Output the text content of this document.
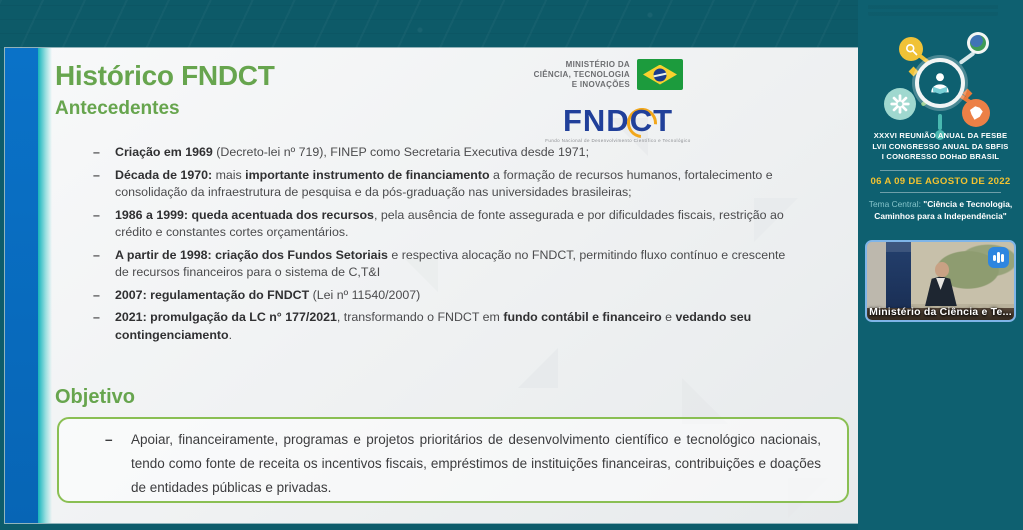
Histórico FNDCT
Antecedentes
MINISTÉRIO DA
CIÊNCIA, TECNOLOGIA
E INOVAÇÕES
FNDCT
Fundo Nacional de Desenvolvimento Científico e Tecnológico
–	Criação em 1969 (Decreto-lei nº 719), FINEP como Secretaria Executiva desde 1971;
–	Década de 1970: mais importante instrumento de financiamento a formação de recursos humanos, fortalecimento e consolidação da infraestrutura de pesquisa e da pós-graduação nas universidades brasileiras;
–	1986 a 1999: queda acentuada dos recursos, pela ausência de fonte assegurada e por dificuldades fiscais, restrição ao crédito e constantes cortes orçamentários.
–	A partir de 1998: criação dos Fundos Setoriais e respectiva alocação no FNDCT, permitindo fluxo contínuo e crescente de recursos financeiros para o sistema de C,T&I
–	2007: regulamentação do FNDCT (Lei nº 11540/2007)
–	2021: promulgação da LC n° 177/2021, transformando o FNDCT em fundo contábil e financeiro e vedando seu contingenciamento.
Objetivo
–	Apoiar, financeiramente, programas e projetos prioritários de desenvolvimento científico e tecnológico nacionais, tendo como fonte de receita os incentivos fiscais, empréstimos de instituições financeiras, contribuições e doações de entidades públicas e privadas.
XXXVI REUNIÃO ANUAL DA FESBE
LVII CONGRESSO ANUAL DA SBFIS
I CONGRESSO DOHaD BRASIL
06 A 09 DE AGOSTO DE 2022
Tema Central: "Ciência e Tecnologia, Caminhos para a Independência"
Ministério da Ciência e Te...
